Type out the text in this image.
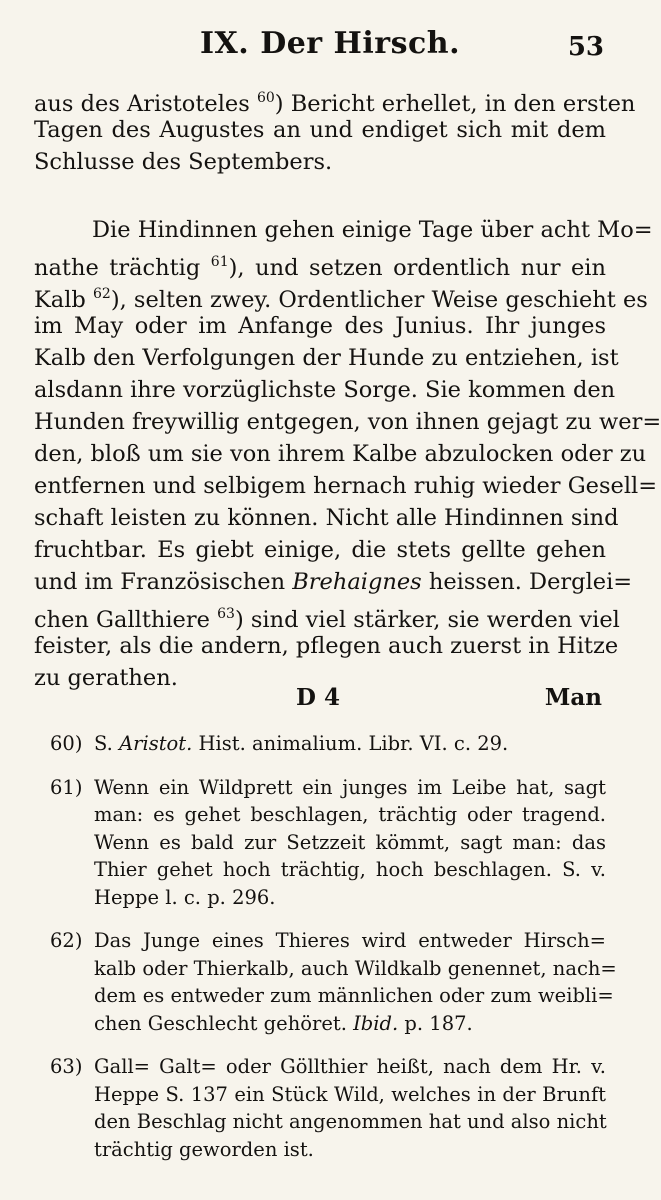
IX. Der Hirsch.	53
aus des Aristoteles $^{60}$) Bericht erhellet, in den ersten
Tagen des Augustes an und endiget sich mit dem
Schlusse des Septembers.
Die Hindinnen gehen einige Tage über acht Mo=
nathe trächtig $^{61}$), und setzen ordentlich nur ein
Kalb $^{62}$), selten zwey. Ordentlicher Weise geschieht es
im May oder im Anfange des Junius. Ihr junges
Kalb den Verfolgungen der Hunde zu entziehen, ist
alsdann ihre vorzüglichste Sorge. Sie kommen den
Hunden freywillig entgegen, von ihnen gejagt zu wer=
den, bloß um sie von ihrem Kalbe abzulocken oder zu
entfernen und selbigem hernach ruhig wieder Gesell=
schaft leisten zu können. Nicht alle Hindinnen sind
fruchtbar. Es giebt einige, die stets gellte gehen
und im Französischen Brehaignes heissen. Derglei=
chen Gallthiere $^{63}$) sind viel stärker, sie werden viel
feister, als die andern, pflegen auch zuerst in Hitze
zu gerathen.
D 4	Man
60) S. Aristot. Hist. animalium. Libr. VI. c. 29.
61) Wenn ein Wildprett ein junges im Leibe hat, sagt
man: es gehet beschlagen, trächtig oder tragend.
Wenn es bald zur Setzzeit kömmt, sagt man: das
Thier gehet hoch trächtig, hoch beschlagen. S. v.
Heppe l. c. p. 296.
62) Das Junge eines Thieres wird entweder Hirsch=
kalb oder Thierkalb, auch Wildkalb genennet, nach=
dem es entweder zum männlichen oder zum weibli=
chen Geschlecht gehöret. Ibid. p. 187.
63) Gall= Galt= oder Göllthier heißt, nach dem Hr. v.
Heppe S. 137 ein Stück Wild, welches in der Brunft
den Beschlag nicht angenommen hat und also nicht
trächtig geworden ist.
